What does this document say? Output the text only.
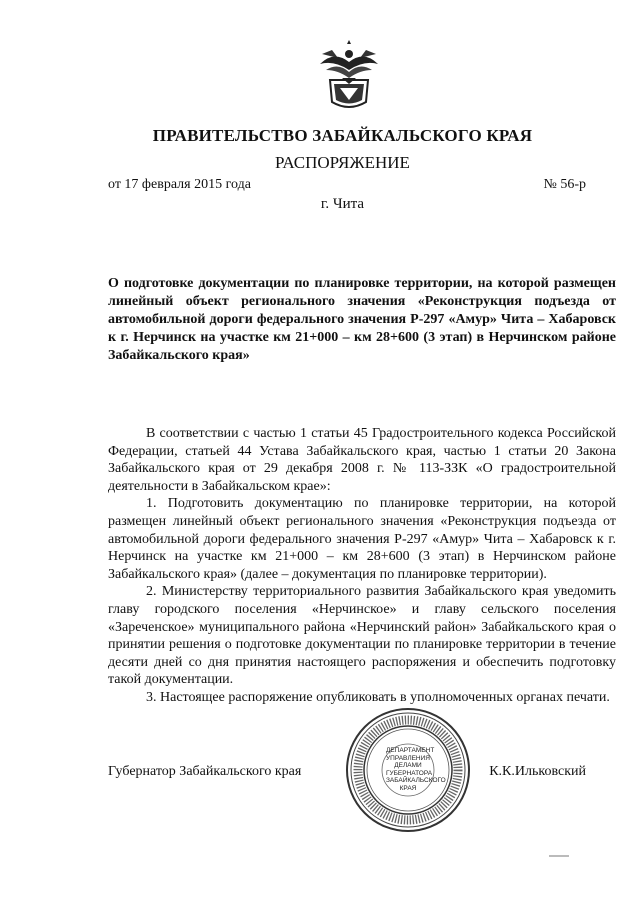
ПРАВИТЕЛЬСТВО ЗАБАЙКАЛЬСКОГО КРАЯ
РАСПОРЯЖЕНИЕ
от 17 февраля 2015 года	№ 56-р
г. Чита
О подготовке документации по планировке территории, на которой размещен линейный объект регионального значения «Реконструкция подъезда от автомобильной дороги федерального значения Р-297 «Амур» Чита – Хабаровск к г. Нерчинск на участке км 21+000 – км 28+600 (3 этап) в Нерчинском районе Забайкальского края»

В соответствии с частью 1 статьи 45 Градостроительного кодекса Российской Федерации, статьей 44 Устава Забайкальского края, частью 1 статьи 20 Закона Забайкальского края от 29 декабря 2008 г. № 113-ЗЗК «О градостроительной деятельности в Забайкальском крае»:

1. Подготовить документацию по планировке территории, на которой размещен линейный объект регионального значения «Реконструкция подъезда от автомобильной дороги федерального значения Р-297 «Амур» Чита – Хабаровск к г. Нерчинск на участке км 21+000 – км 28+600 (3 этап) в Нерчинском районе Забайкальского края» (далее – документация по планировке территории).

2. Министерству территориального развития Забайкальского края уведомить главу городского поселения «Нерчинское» и главу сельского поселения «Зареченское» муниципального района «Нерчинский район» Забайкальского края о принятии решения о подготовке документации по планировке территории в течение десяти дней со дня принятия настоящего распоряжения и обеспечить подготовку такой документации.

3. Настоящее распоряжение опубликовать в уполномоченных органах печати.

Губернатор Забайкальского края	К.К.Ильковский
ДЕПАРТАМЕНТ
УПРАВЛЕНИЯ
ДЕЛАМИ
ГУБЕРНАТОРА
ЗАБАЙКАЛЬСКОГО
КРАЯ
